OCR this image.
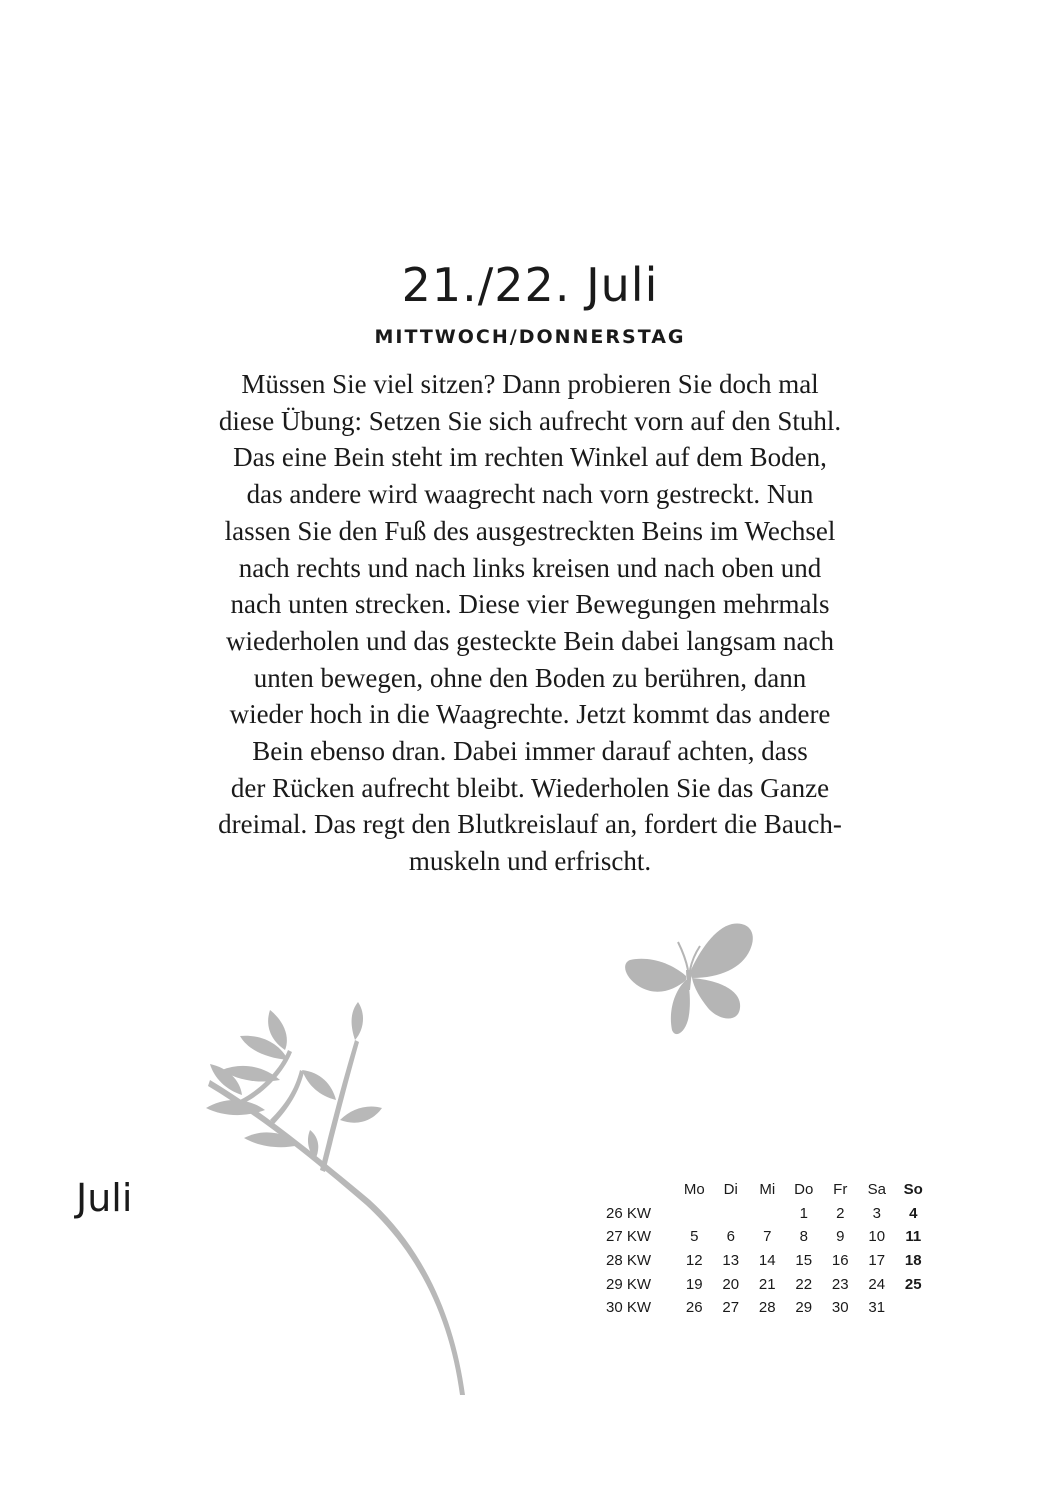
21./22. Juli
MITTWOCH/DONNERSTAG
Müssen Sie viel sitzen? Dann probieren Sie doch mal
diese Übung: Setzen Sie sich aufrecht vorn auf den Stuhl.
Das eine Bein steht im rechten Winkel auf dem Boden,
das andere wird waagrecht nach vorn gestreckt. Nun
lassen Sie den Fuß des ausgestreckten Beins im Wechsel
nach rechts und nach links kreisen und nach oben und
nach unten strecken. Diese vier Bewegungen mehrmals
wiederholen und das gesteckte Bein dabei langsam nach
unten bewegen, ohne den Boden zu berühren, dann
wieder hoch in die Waagrechte. Jetzt kommt das andere
Bein ebenso dran. Dabei immer darauf achten, dass
der Rücken aufrecht bleibt. Wiederholen Sie das Ganze
dreimal. Das regt den Blutkreislauf an, fordert die Bauch-
muskeln und erfrischt.
Juli
		Mo	Di	Mi	Do	Fr	Sa	So
26 KW				1	2	3	4
27 KW	5	6	7	8	9	10	11
28 KW	12	13	14	15	16	17	18
29 KW	19	20	21	22	23	24	25
30 KW	26	27	28	29	30	31	
